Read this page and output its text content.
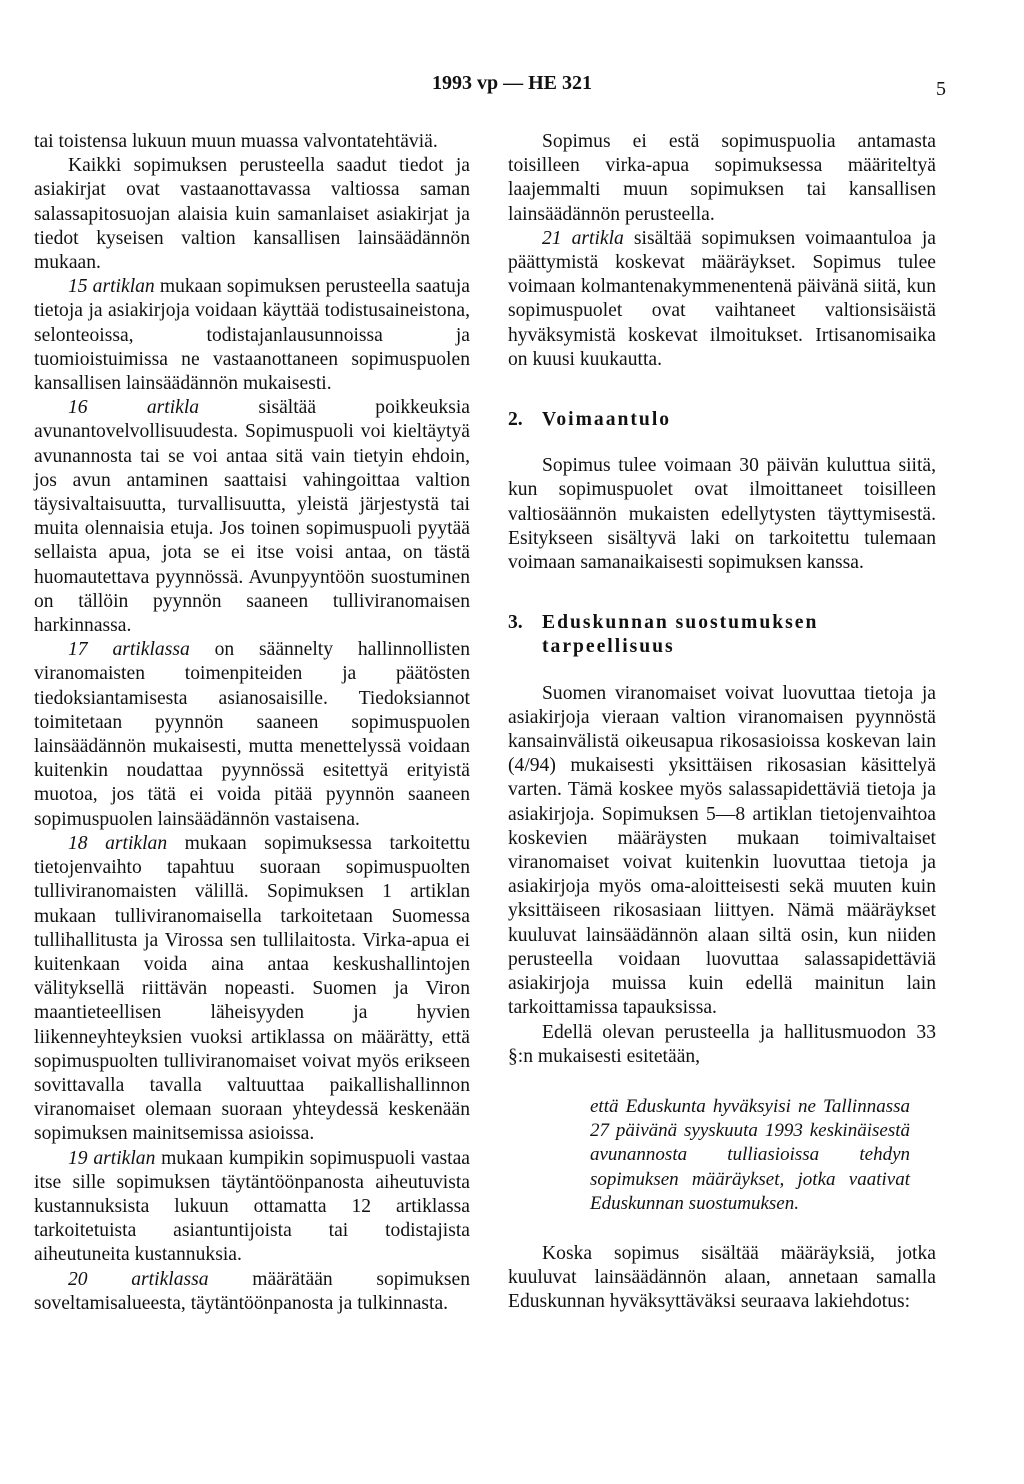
1993 vp — HE 321	5

tai toistensa lukuun muun muassa valvontatehtäviä.

Kaikki sopimuksen perusteella saadut tiedot ja asiakirjat ovat vastaanottavassa valtiossa saman salassapitosuojan alaisia kuin samanlaiset asiakirjat ja tiedot kyseisen valtion kansallisen lainsäädännön mukaan.

15 artiklan mukaan sopimuksen perusteella saatuja tietoja ja asiakirjoja voidaan käyttää todistusaineistona, selonteoissa, todistajanlausunnoissa ja tuomioistuimissa ne vastaanottaneen sopimuspuolen kansallisen lainsäädännön mukaisesti.

16 artikla sisältää poikkeuksia avunantovelvollisuudesta. Sopimuspuoli voi kieltäytyä avunannosta tai se voi antaa sitä vain tietyin ehdoin, jos avun antaminen saattaisi vahingoittaa valtion täysivaltaisuutta, turvallisuutta, yleistä järjestystä tai muita olennaisia etuja. Jos toinen sopimuspuoli pyytää sellaista apua, jota se ei itse voisi antaa, on tästä huomautettava pyynnössä. Avunpyyntöön suostuminen on tällöin pyynnön saaneen tulliviranomaisen harkinnassa.

17 artiklassa on säännelty hallinnollisten viranomaisten toimenpiteiden ja päätösten tiedoksiantamisesta asianosaisille. Tiedoksiannot toimitetaan pyynnön saaneen sopimuspuolen lainsäädännön mukaisesti, mutta menettelyssä voidaan kuitenkin noudattaa pyynnössä esitettyä erityistä muotoa, jos tätä ei voida pitää pyynnön saaneen sopimuspuolen lainsäädännön vastaisena.

18 artiklan mukaan sopimuksessa tarkoitettu tietojenvaihto tapahtuu suoraan sopimuspuolten tulliviranomaisten välillä. Sopimuksen 1 artiklan mukaan tulliviranomaisella tarkoitetaan Suomessa tullihallitusta ja Virossa sen tullilaitosta. Virka-apua ei kuitenkaan voida aina antaa keskushallintojen välityksellä riittävän nopeasti. Suomen ja Viron maantieteellisen läheisyyden ja hyvien liikenneyhteyksien vuoksi artiklassa on määrätty, että sopimuspuolten tulliviranomaiset voivat myös erikseen sovittavalla tavalla valtuuttaa paikallishallinnon viranomaiset olemaan suoraan yhteydessä keskenään sopimuksen mainitsemissa asioissa.

19 artiklan mukaan kumpikin sopimuspuoli vastaa itse sille sopimuksen täytäntöönpanosta aiheutuvista kustannuksista lukuun ottamatta 12 artiklassa tarkoitetuista asiantuntijoista tai todistajista aiheutuneita kustannuksia.

20 artiklassa määrätään sopimuksen soveltamisalueesta, täytäntöönpanosta ja tulkinnasta.

Sopimus ei estä sopimuspuolia antamasta toisilleen virka-apua sopimuksessa määriteltyä laajemmalti muun sopimuksen tai kansallisen lainsäädännön perusteella.

21 artikla sisältää sopimuksen voimaantuloa ja päättymistä koskevat määräykset. Sopimus tulee voimaan kolmantenakymmenentenä päivänä siitä, kun sopimuspuolet ovat vaihtaneet valtionsisäistä hyväksymistä koskevat ilmoitukset. Irtisanomisaika on kuusi kuukautta.

2. Voimaantulo

Sopimus tulee voimaan 30 päivän kuluttua siitä, kun sopimuspuolet ovat ilmoittaneet toisilleen valtiosäännön mukaisten edellytysten täyttymisestä. Esitykseen sisältyvä laki on tarkoitettu tulemaan voimaan samanaikaisesti sopimuksen kanssa.

3. Eduskunnan suostumuksen tarpeellisuus

Suomen viranomaiset voivat luovuttaa tietoja ja asiakirjoja vieraan valtion viranomaisen pyynnöstä kansainvälistä oikeusapua rikosasioissa koskevan lain (4/94) mukaisesti yksittäisen rikosasian käsittelyä varten. Tämä koskee myös salassapidettäviä tietoja ja asiakirjoja. Sopimuksen 5—8 artiklan tietojenvaihtoa koskevien määräysten mukaan toimivaltaiset viranomaiset voivat kuitenkin luovuttaa tietoja ja asiakirjoja myös oma-aloitteisesti sekä muuten kuin yksittäiseen rikosasiaan liittyen. Nämä määräykset kuuluvat lainsäädännön alaan siltä osin, kun niiden perusteella voidaan luovuttaa salassapidettäviä asiakirjoja muissa kuin edellä mainitun lain tarkoittamissa tapauksissa.

Edellä olevan perusteella ja hallitusmuodon 33 §:n mukaisesti esitetään,

että Eduskunta hyväksyisi ne Tallinnassa 27 päivänä syyskuuta 1993 keskinäisestä avunannosta tulliasioissa tehdyn sopimuksen määräykset, jotka vaativat Eduskunnan suostumuksen.

Koska sopimus sisältää määräyksiä, jotka kuuluvat lainsäädännön alaan, annetaan samalla Eduskunnan hyväksyttäväksi seuraava lakiehdotus:
